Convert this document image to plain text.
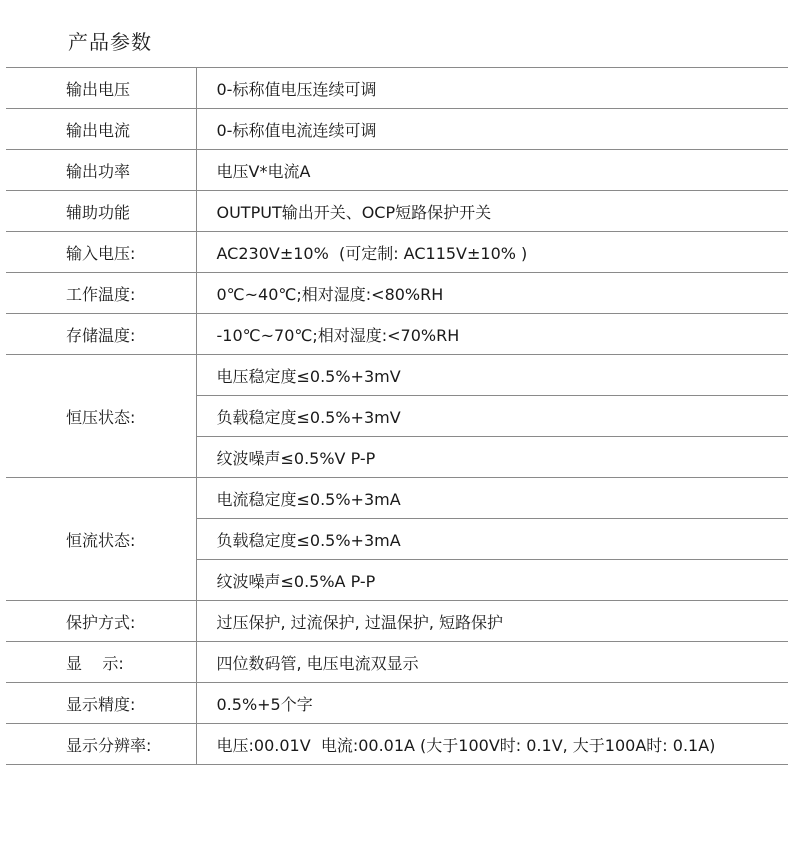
产品参数
输出电压	0-标称值电压连续可调
输出电流	0-标称值电流连续可调
输出功率	电压V*电流A
辅助功能	OUTPUT输出开关、OCP短路保护开关
输入电压:	AC230V±10%  (可定制: AC115V±10% )
工作温度:	0℃~40℃;相对湿度:<80%RH
存储温度:	-10℃~70℃;相对湿度:<70%RH
恒压状态:	电压稳定度≤0.5%+3mV
	负载稳定度≤0.5%+3mV
	纹波噪声≤0.5%V P-P
恒流状态:	电流稳定度≤0.5%+3mA
	负载稳定度≤0.5%+3mA
	纹波噪声≤0.5%A P-P
保护方式:	过压保护, 过流保护, 过温保护, 短路保护
显    示:	四位数码管, 电压电流双显示
显示精度:	0.5%+5个字
显示分辨率:	电压:00.01V  电流:00.01A (大于100V时: 0.1V, 大于100A时: 0.1A)
